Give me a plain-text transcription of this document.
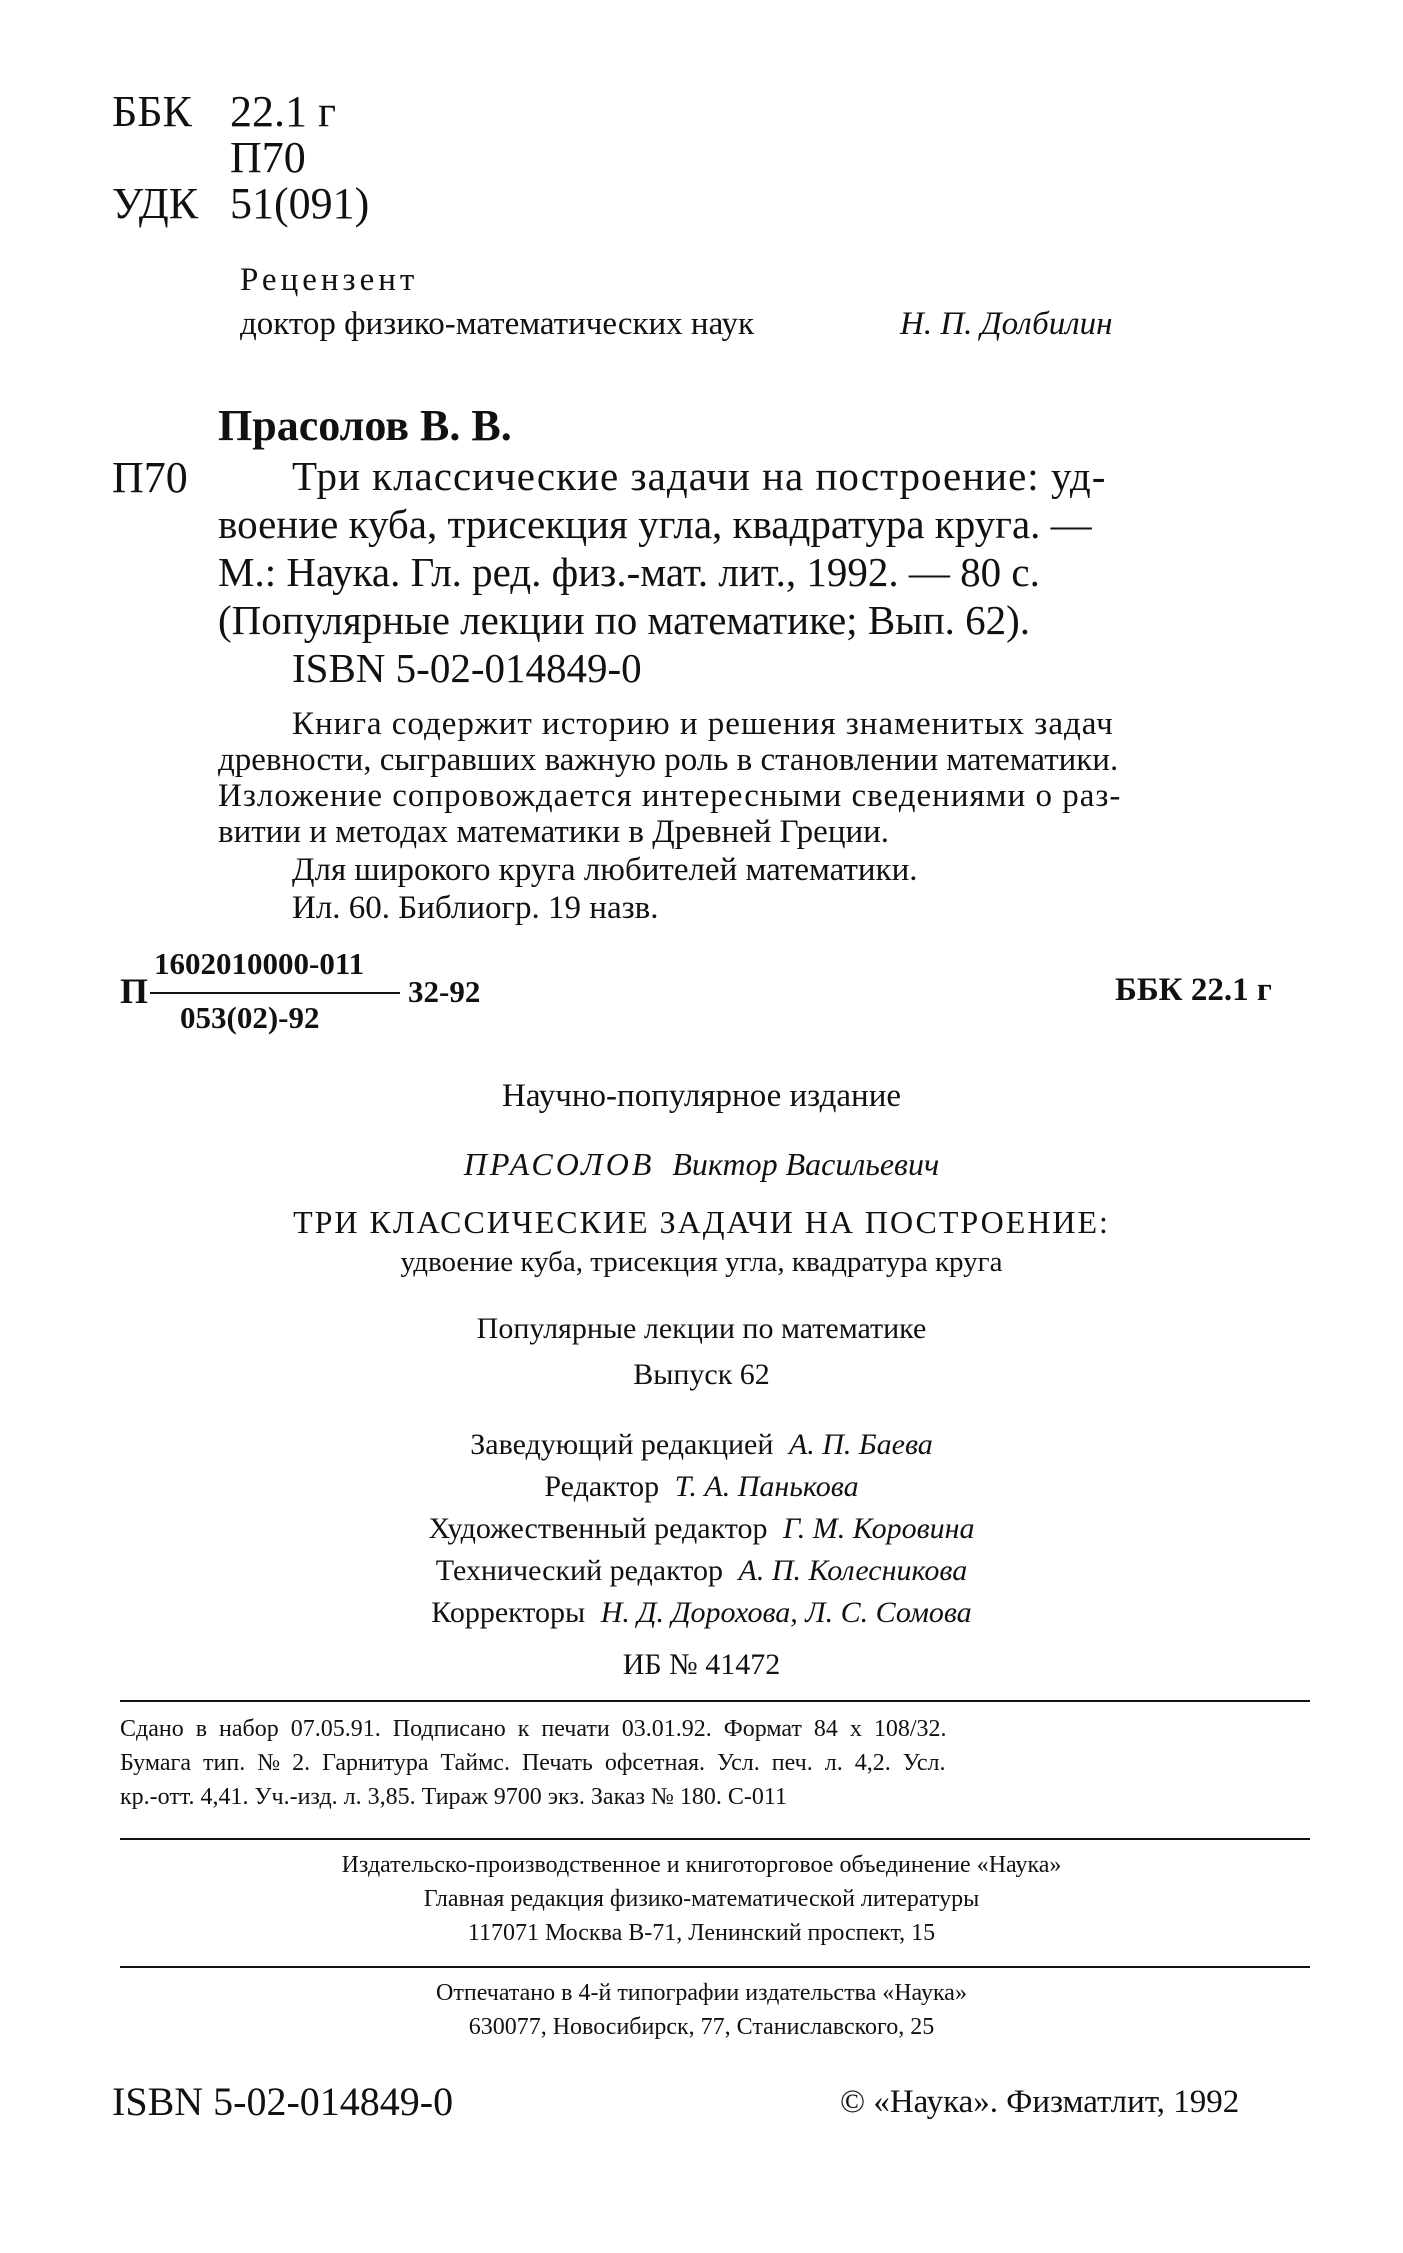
ББК 22.1 г
П70
УДК 51(091)
Рецензент
доктор физико-математических наук	Н. П. Долбилин
Прасолов В. В.
П70	Три классические задачи на построение: уд-
воение куба, трисекция угла, квадратура круга. —
М.: Наука. Гл. ред. физ.-мат. лит., 1992. — 80 с.
(Популярные лекции по математике; Вып. 62).
ISBN 5-02-014849-0
Книга содержит историю и решения знаменитых задач
древности, сыгравших важную роль в становлении математики.
Изложение сопровождается интересными сведениями о раз-
витии и методах математики в Древней Греции.
Для широкого круга любителей математики.
Ил. 60. Библиогр. 19 назв.
П
1602010000-011
053(02)-92
32-92	ББК 22.1 г
Научно-популярное издание
ПРАСОЛОВ Виктор Васильевич
ТРИ КЛАССИЧЕСКИЕ ЗАДАЧИ НА ПОСТРОЕНИЕ:
удвоение куба, трисекция угла, квадратура круга
Популярные лекции по математике
Выпуск 62
Заведующий редакцией А. П. Баева
Редактор Т. А. Панькова
Художественный редактор Г. М. Коровина
Технический редактор А. П. Колесникова
Корректоры Н. Д. Дорохова, Л. С. Сомова
ИБ № 41472
Сдано в набор 07.05.91. Подписано к печати 03.01.92. Формат 84 x 108/32.
Бумага тип. № 2. Гарнитура Таймс. Печать офсетная. Усл. печ. л. 4,2. Усл.
кр.-отт. 4,41. Уч.-изд. л. 3,85. Тираж 9700 экз. Заказ № 180. С-011
Издательско-производственное и книготорговое объединение «Наука»
Главная редакция физико-математической литературы
117071 Москва В-71, Ленинский проспект, 15
Отпечатано в 4-й типографии издательства «Наука»
630077, Новосибирск, 77, Станиславского, 25
ISBN 5-02-014849-0	© «Наука». Физматлит, 1992
